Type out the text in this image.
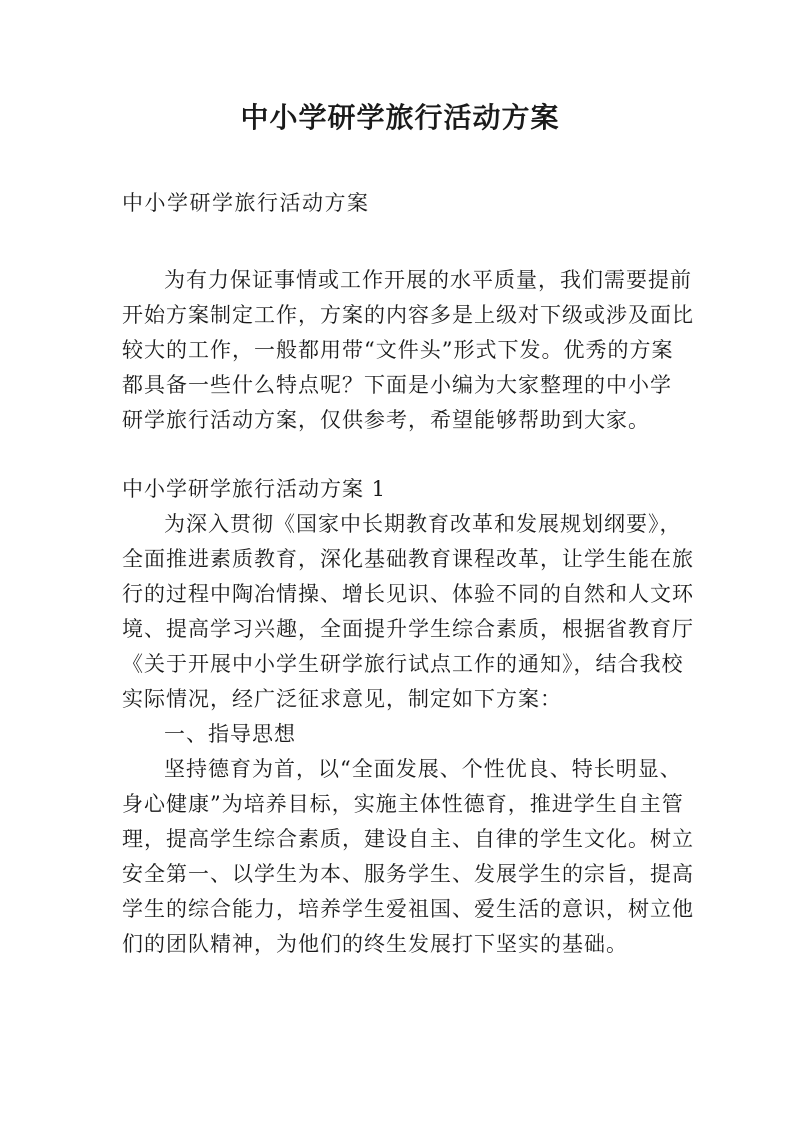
中小学研学旅行活动方案
中小学研学旅行活动方案
为有力保证事情或工作开展的水平质量，我们需要提前
开始方案制定工作，方案的内容多是上级对下级或涉及面比
较大的工作，一般都用带“文件头”形式下发。优秀的方案
都具备一些什么特点呢？下面是小编为大家整理的中小学
研学旅行活动方案，仅供参考，希望能够帮助到大家。
中小学研学旅行活动方案 1
为深入贯彻《国家中长期教育改革和发展规划纲要》，
全面推进素质教育，深化基础教育课程改革，让学生能在旅
行的过程中陶冶情操、增长见识、体验不同的自然和人文环
境、提高学习兴趣，全面提升学生综合素质，根据省教育厅
《关于开展中小学生研学旅行试点工作的通知》，结合我校
实际情况，经广泛征求意见，制定如下方案：
一、指导思想
坚持德育为首，以“全面发展、个性优良、特长明显、
身心健康”为培养目标，实施主体性德育，推进学生自主管
理，提高学生综合素质，建设自主、自律的学生文化。树立
安全第一、以学生为本、服务学生、发展学生的宗旨，提高
学生的综合能力，培养学生爱祖国、爱生活的意识，树立他
们的团队精神，为他们的终生发展打下坚实的基础。
